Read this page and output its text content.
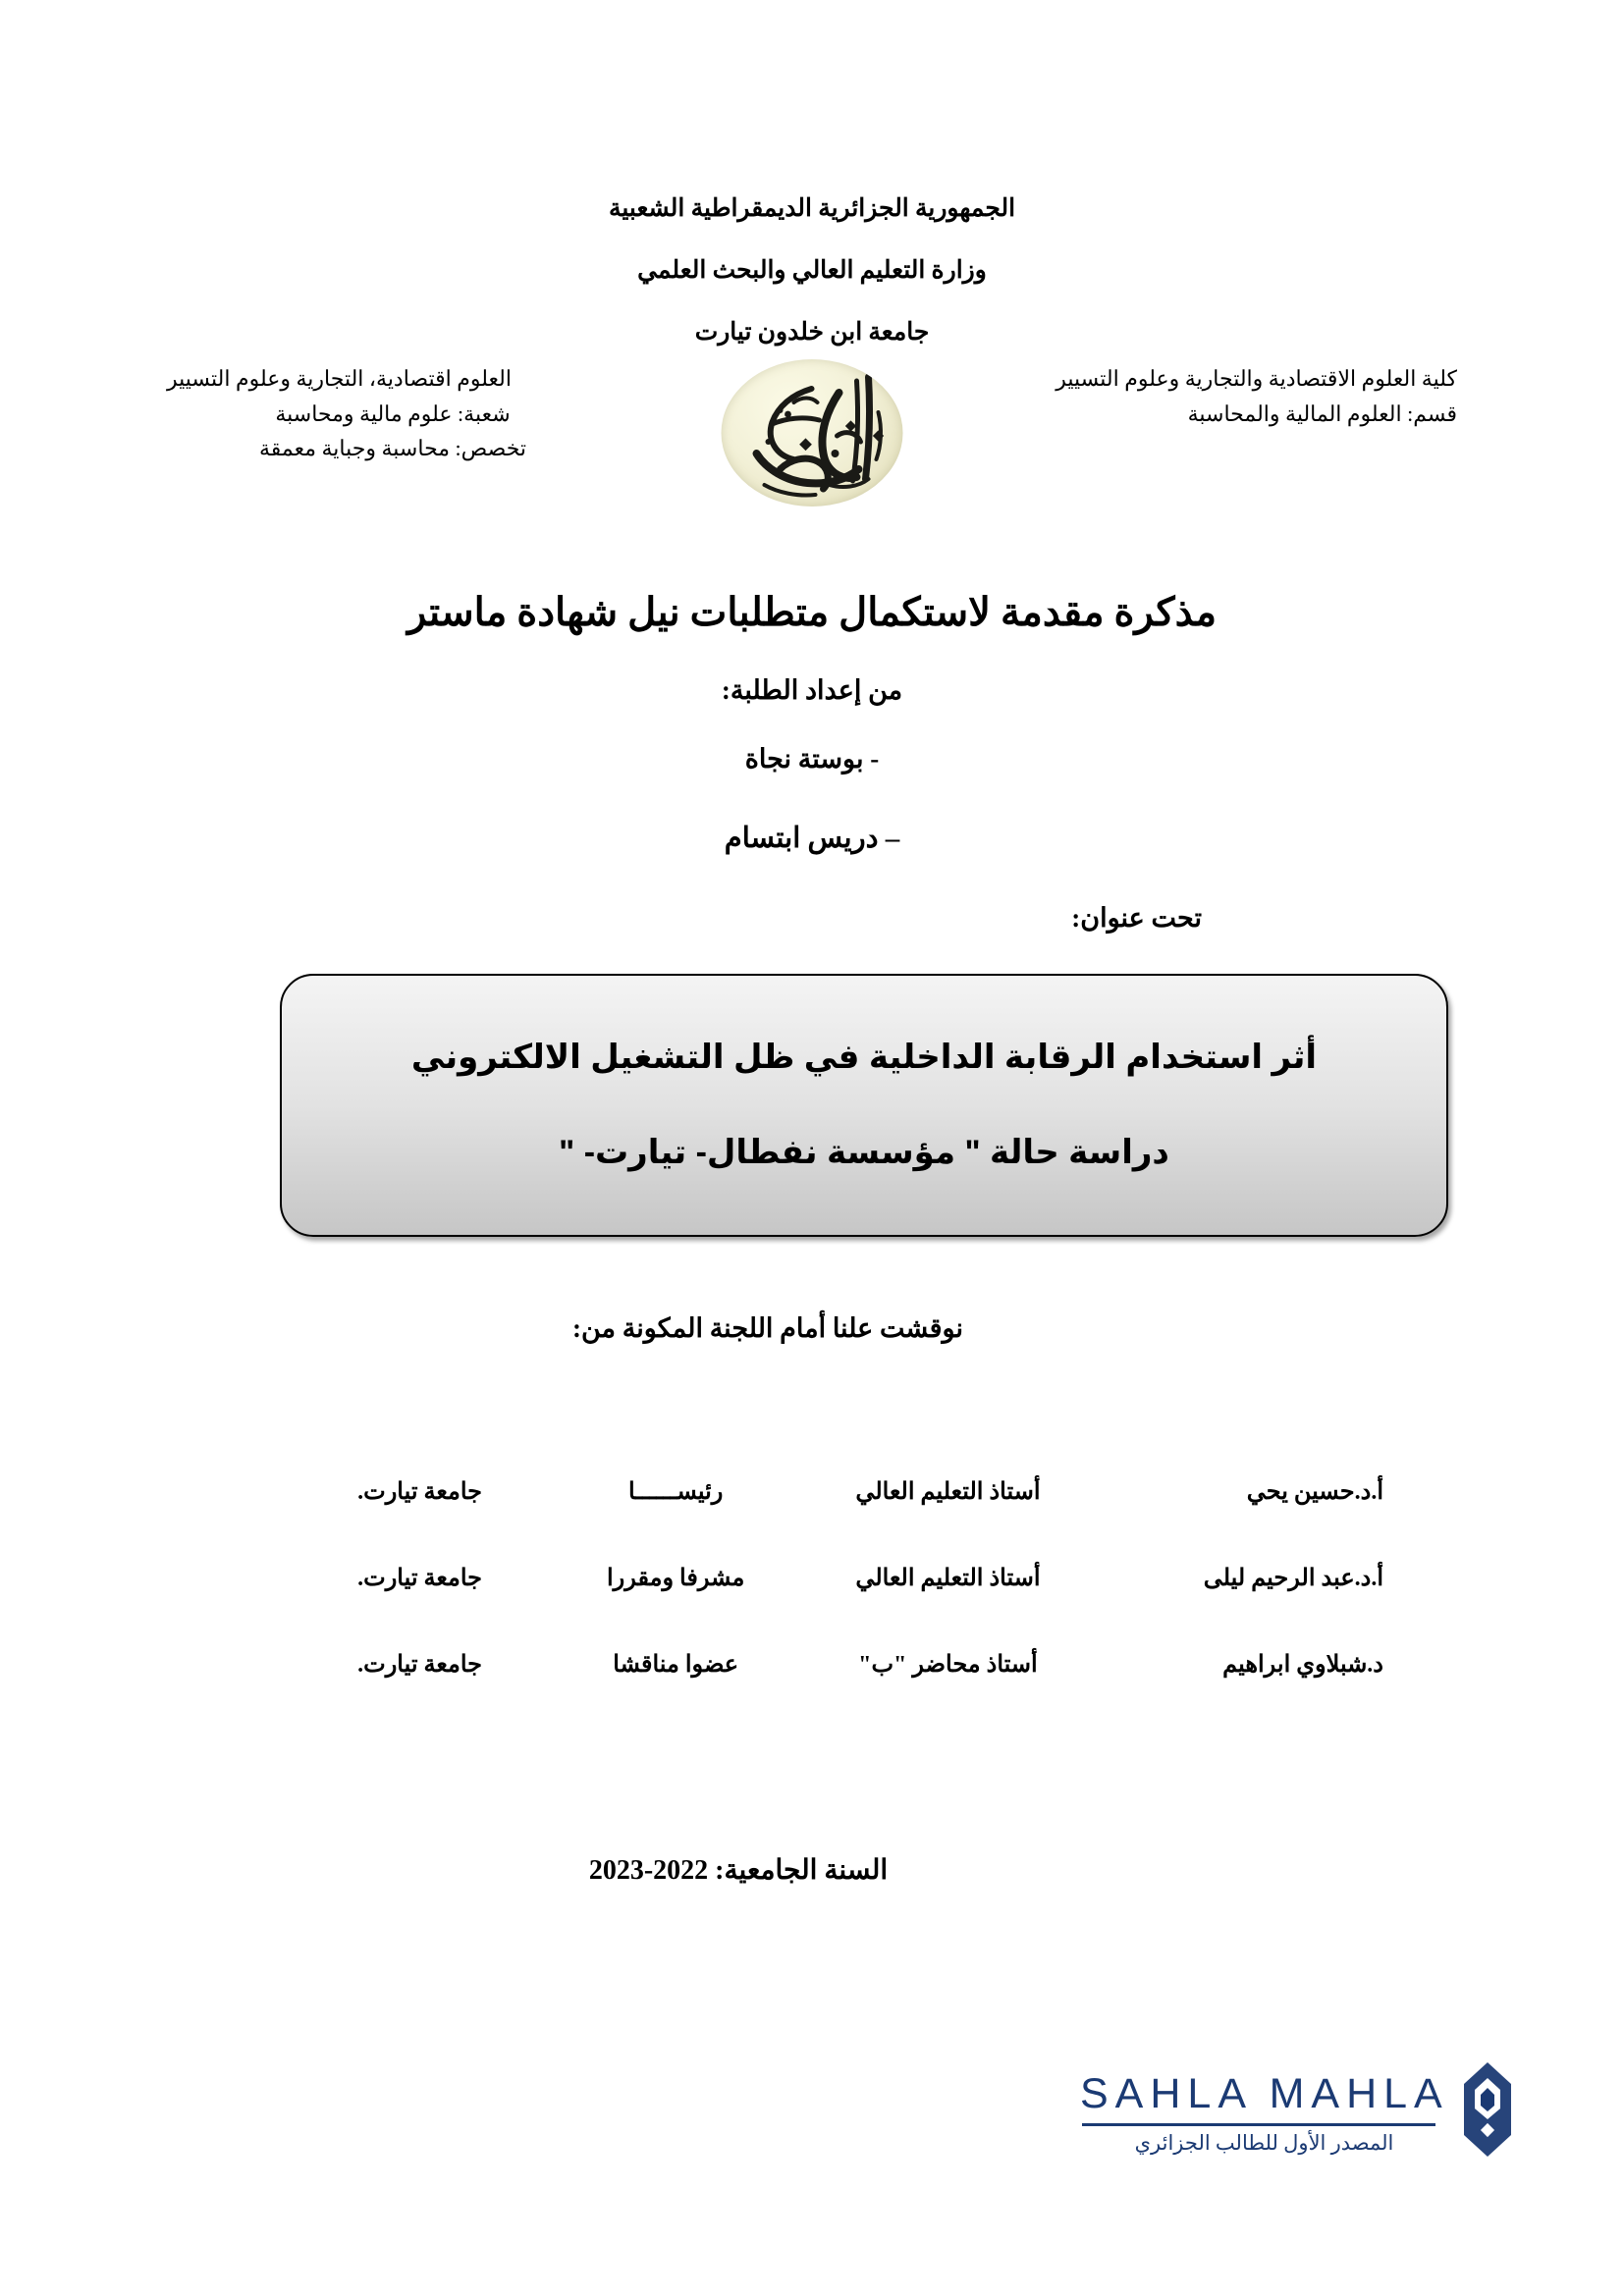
الجمهورية الجزائرية الديمقراطية الشعبية
وزارة التعليم العالي والبحث العلمي
جامعة ابن خلدون تيارت
كلية العلوم الاقتصادية والتجارية وعلوم التسيير
قسم: العلوم المالية والمحاسبة
العلوم اقتصادية، التجارية وعلوم التسيير
شعبة: علوم مالية ومحاسبة
تخصص: محاسبة وجباية معمقة
مذكرة مقدمة لاستكمال متطلبات نيل شهادة ماستر
من إعداد الطلبة:
- بوستة نجاة
– دريس ابتسام
تحت عنوان:
أثر استخدام الرقابة الداخلية في ظل التشغيل الالكتروني
دراسة حالة " مؤسسة نفطال- تيارت- "
نوقشت علنا أمام اللجنة المكونة من:
أ.د.حسين يحي
أستاذ التعليم العالي
رئيســــــا
جامعة تيارت.
أ.د.عبد الرحيم ليلى
أستاذ التعليم العالي
مشرفا ومقررا
جامعة تيارت.
د.شبلاوي ابراهيم
أستاذ محاضر "ب"
عضوا مناقشا
جامعة تيارت.
السنة الجامعية: 2022-2023
SAHLA MAHLA
المصدر الأول للطالب الجزائري
